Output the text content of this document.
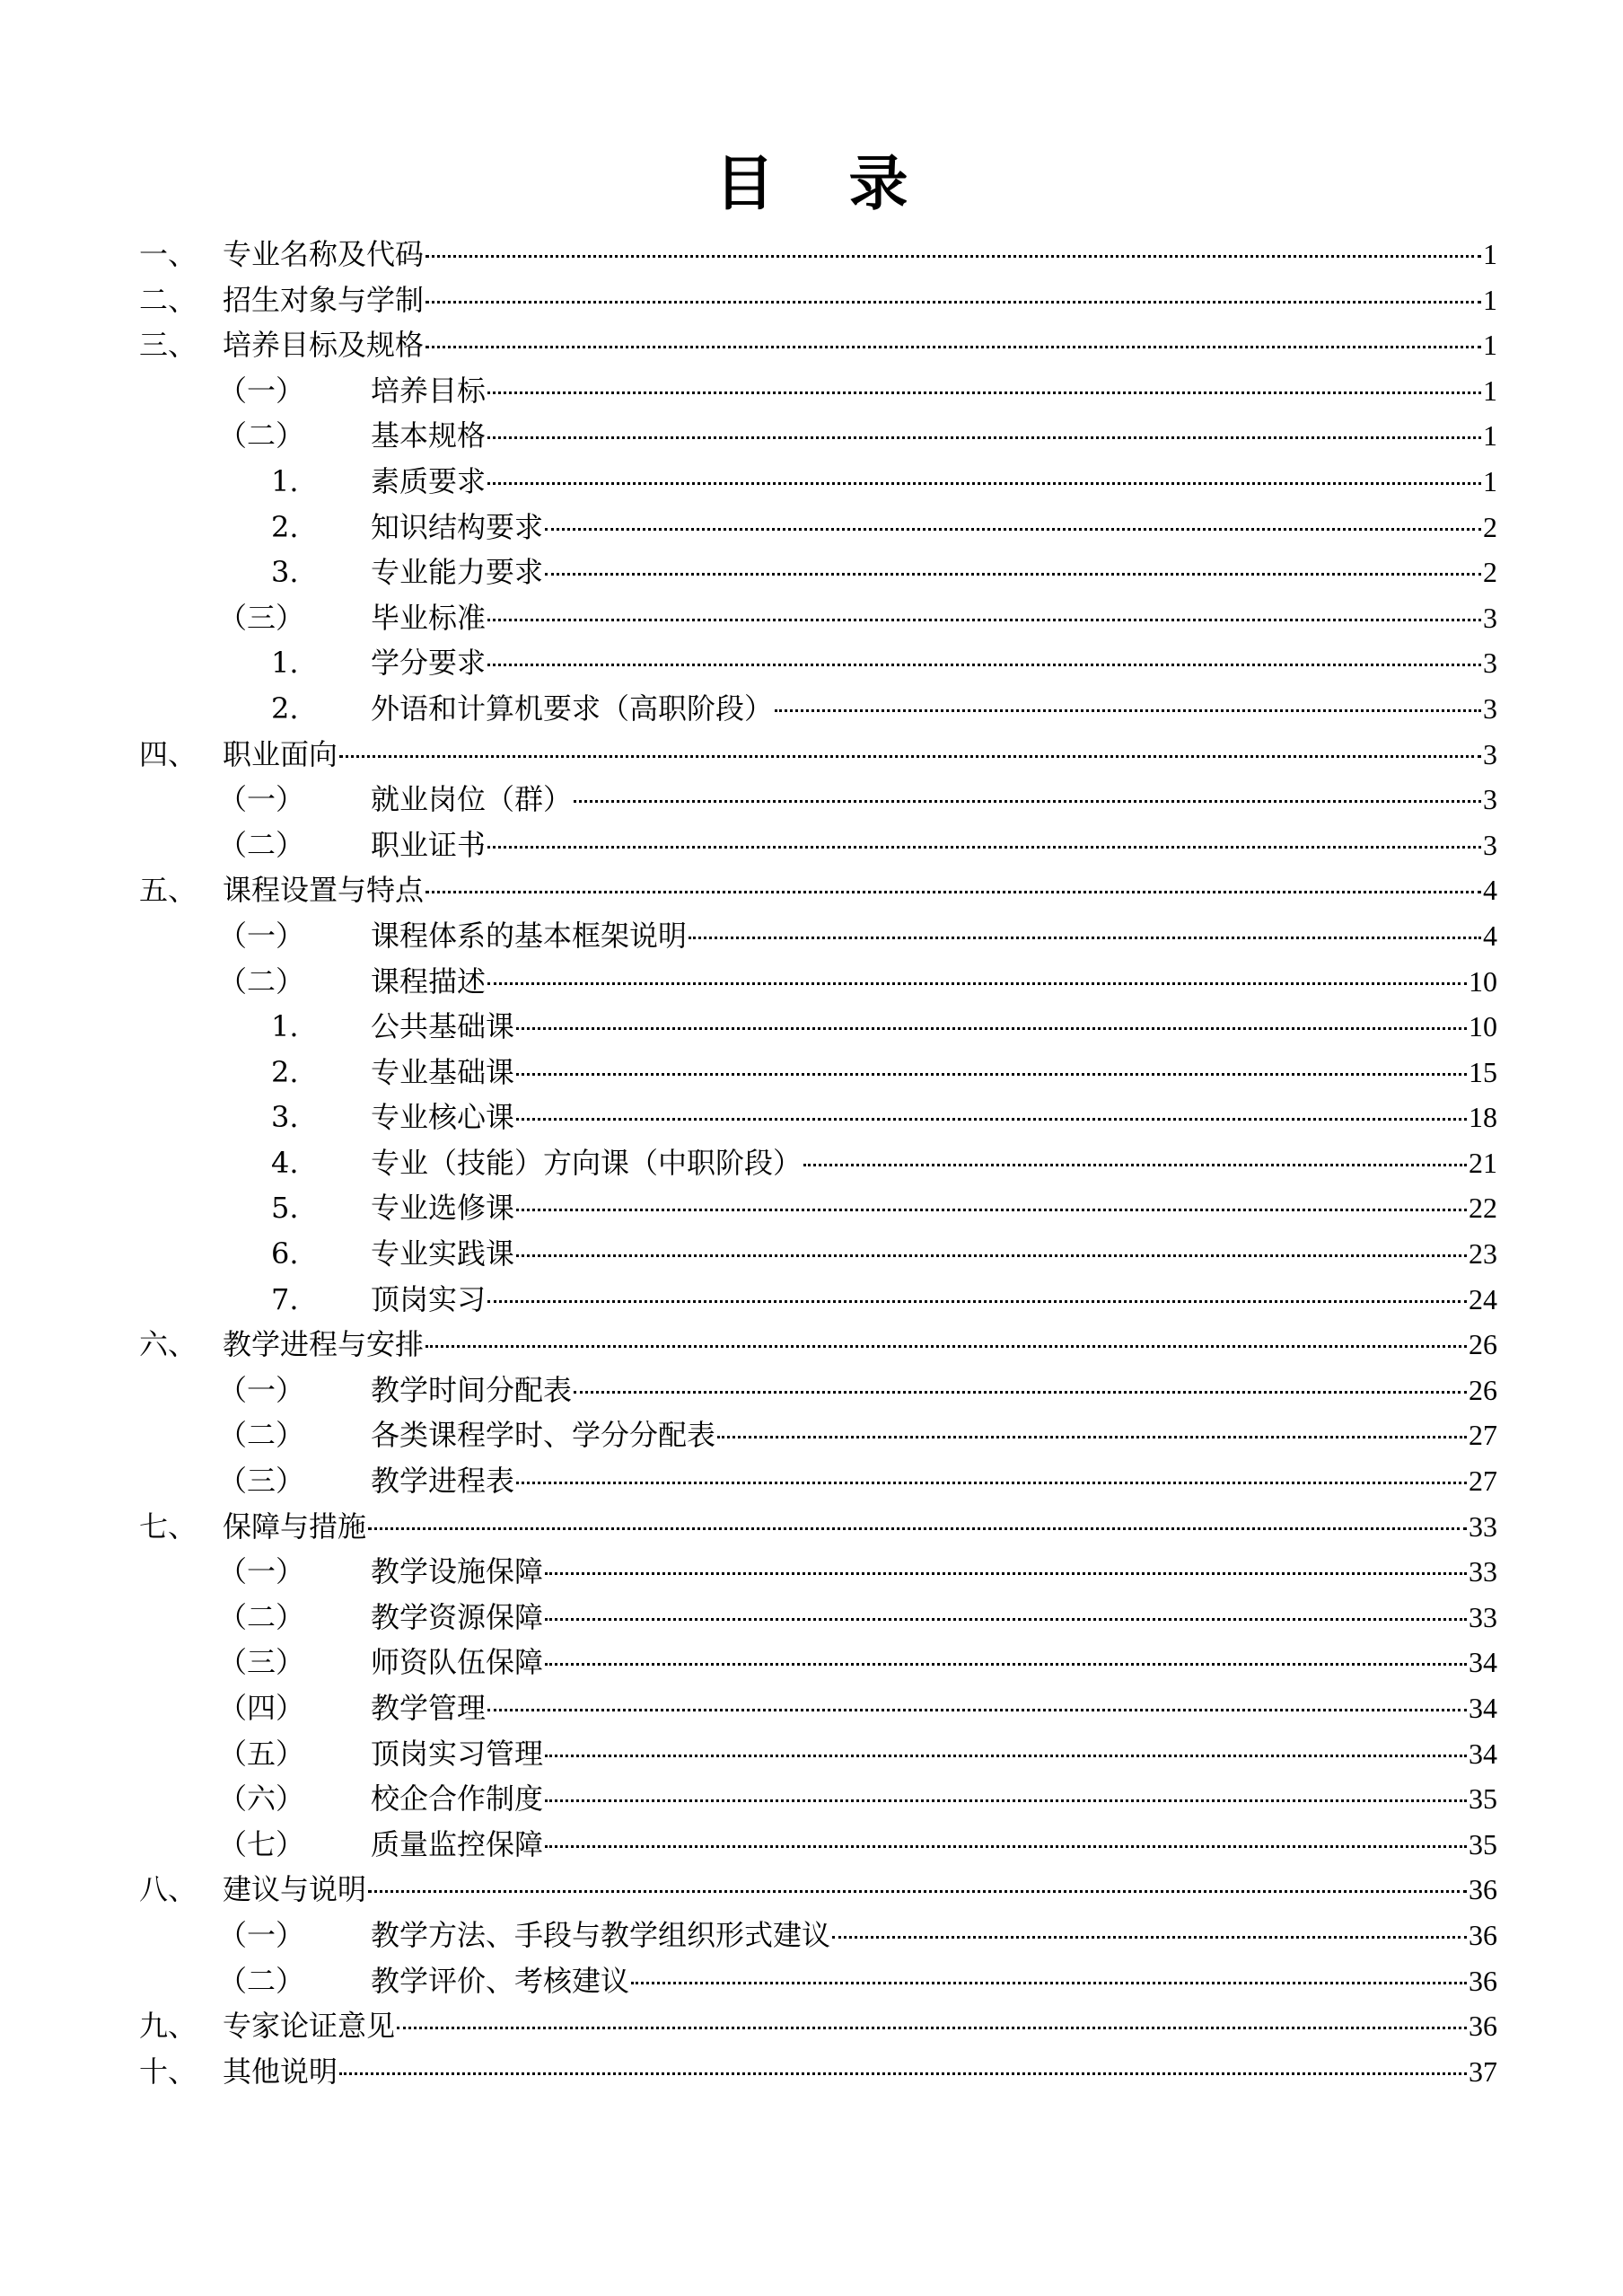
目 录
一、 专业名称及代码	1
二、 招生对象与学制	1
三、 培养目标及规格	1
（一） 培养目标	1
（二） 基本规格	1
1.	素质要求	1
2.	知识结构要求	2
3.	专业能力要求	2
（三） 毕业标准	3
1.	学分要求	3
2.	外语和计算机要求（高职阶段）	3
四、 职业面向	3
（一） 就业岗位（群）	3
（二） 职业证书	3
五、 课程设置与特点	4
（一） 课程体系的基本框架说明	4
（二） 课程描述	10
1.	公共基础课	10
2.	专业基础课	15
3.	专业核心课	18
4.	专业（技能）方向课（中职阶段）	21
5.	专业选修课	22
6.	专业实践课	23
7.	顶岗实习	24
六、 教学进程与安排	26
（一） 教学时间分配表	26
（二） 各类课程学时、学分分配表	27
（三） 教学进程表	27
七、 保障与措施	33
（一） 教学设施保障	33
（二） 教学资源保障	33
（三） 师资队伍保障	34
（四） 教学管理	34
（五） 顶岗实习管理	34
（六） 校企合作制度	35
（七） 质量监控保障	35
八、 建议与说明	36
（一） 教学方法、手段与教学组织形式建议	36
（二） 教学评价、考核建议	36
九、 专家论证意见	36
十、 其他说明	37
